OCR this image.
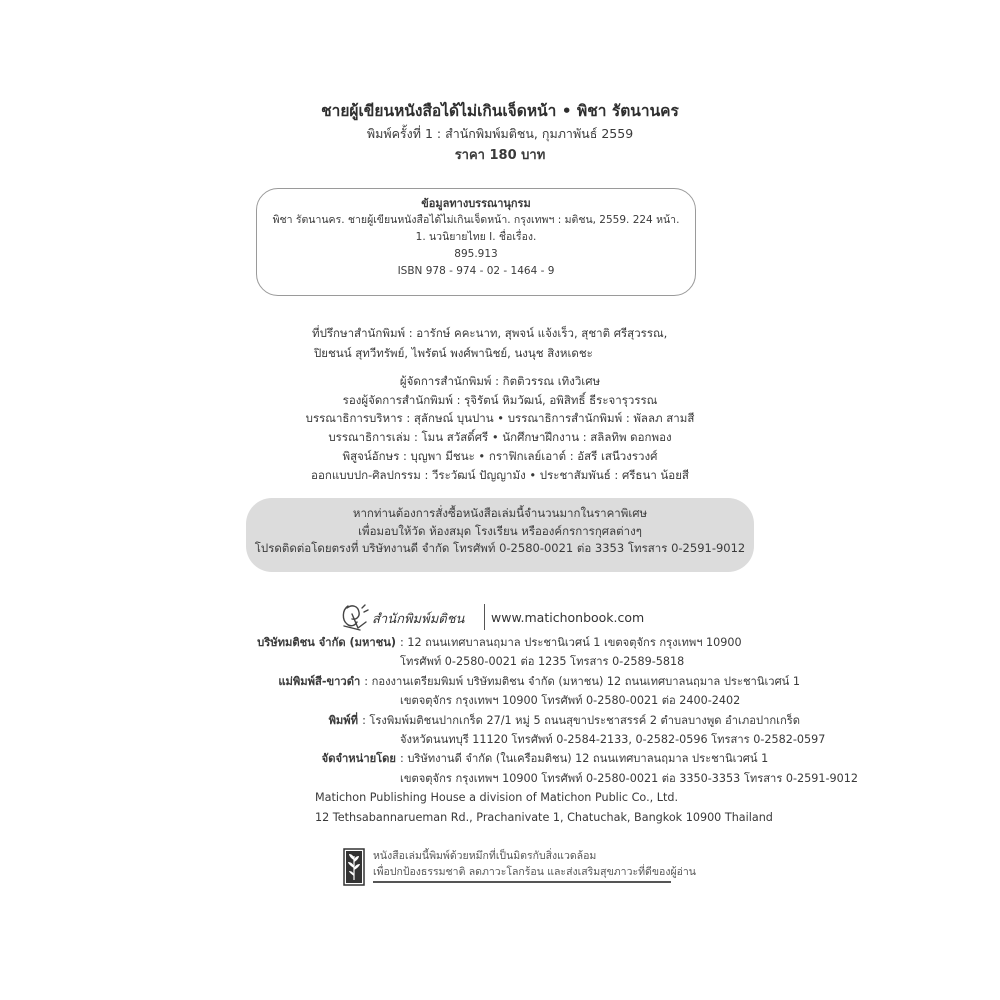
ชายผู้เขียนหนังสือได้ไม่เกินเจ็ดหน้า • พิชา รัตนานคร

พิมพ์ครั้งที่ 1 : สำนักพิมพ์มติชน, กุมภาพันธ์ 2559

ราคา 180 บาท

ข้อมูลทางบรรณานุกรม
พิชา รัตนานคร. ชายผู้เขียนหนังสือได้ไม่เกินเจ็ดหน้า. กรุงเทพฯ : มติชน, 2559. 224 หน้า.
1. นวนิยายไทย I. ชื่อเรื่อง.
895.913
ISBN 978 - 974 - 02 - 1464 - 9
ที่ปรึกษาสำนักพิมพ์ : อารักษ์ คคะนาท, สุพจน์ แจ้งเร็ว, สุชาติ ศรีสุวรรณ,
ปิยชนน์ สุทวีทรัพย์, ไพรัตน์ พงศ์พานิชย์, นงนุช สิงหเดชะ
ผู้จัดการสำนักพิมพ์ : กิตติวรรณ เทิงวิเศษ
รองผู้จัดการสำนักพิมพ์ : รุจิรัตน์ หิมวัฒน์, อพิสิทธิ์ ธีระจารุวรรณ
บรรณาธิการบริหาร : สุลักษณ์ บุนปาน • บรรณาธิการสำนักพิมพ์ : พัลลภ สามสี
บรรณาธิการเล่ม : โมน สวัสดิ์ศรี • นักศึกษาฝึกงาน : สลิลทิพ ดอกพอง
พิสูจน์อักษร : บุญพา มีชนะ • กราฟิกเลย์เอาต์ : อัสรี เสนีวงรวงศ์
ออกแบบปก-ศิลปกรรม : วีระวัฒน์ ปัญญามัง • ประชาสัมพันธ์ : ศรีธนา น้อยสี
หากท่านต้องการสั่งซื้อหนังสือเล่มนี้จำนวนมากในราคาพิเศษ
เพื่อมอบให้วัด ห้องสมุด โรงเรียน หรือองค์กรการกุศลต่างๆ
โปรดติดต่อโดยตรงที่ บริษัทงานดี จำกัด โทรศัพท์ 0-2580-0021 ต่อ 3353 โทรสาร 0-2591-9012
สำนักพิมพ์มติชน www.matichonbook.com
บริษัทมติชน จำกัด (มหาชน) : 12 ถนนเทศบาลนฤมาล ประชานิเวศน์ 1 เขตจตุจักร กรุงเทพฯ 10900
โทรศัพท์ 0-2580-0021 ต่อ 1235 โทรสาร 0-2589-5818
แม่พิมพ์สี-ขาวดำ : กองงานเตรียมพิมพ์ บริษัทมติชน จำกัด (มหาชน) 12 ถนนเทศบาลนฤมาล ประชานิเวศน์ 1
เขตจตุจักร กรุงเทพฯ 10900 โทรศัพท์ 0-2580-0021 ต่อ 2400-2402
พิมพ์ที่ : โรงพิมพ์มติชนปากเกร็ด 27/1 หมู่ 5 ถนนสุขาประชาสรรค์ 2 ตำบลบางพูด อำเภอปากเกร็ด
จังหวัดนนทบุรี 11120 โทรศัพท์ 0-2584-2133, 0-2582-0596 โทรสาร 0-2582-0597
จัดจำหน่ายโดย : บริษัทงานดี จำกัด (ในเครือมติชน) 12 ถนนเทศบาลนฤมาล ประชานิเวศน์ 1
เขตจตุจักร กรุงเทพฯ 10900 โทรศัพท์ 0-2580-0021 ต่อ 3350-3353 โทรสาร 0-2591-9012
Matichon Publishing House a division of Matichon Public Co., Ltd.
12 Tethsabannarueman Rd., Prachanivate 1, Chatuchak, Bangkok 10900 Thailand
หนังสือเล่มนี้พิมพ์ด้วยหมึกที่เป็นมิตรกับสิ่งแวดล้อม
เพื่อปกป้องธรรมชาติ ลดภาวะโลกร้อน และส่งเสริมสุขภาวะที่ดีของผู้อ่าน
